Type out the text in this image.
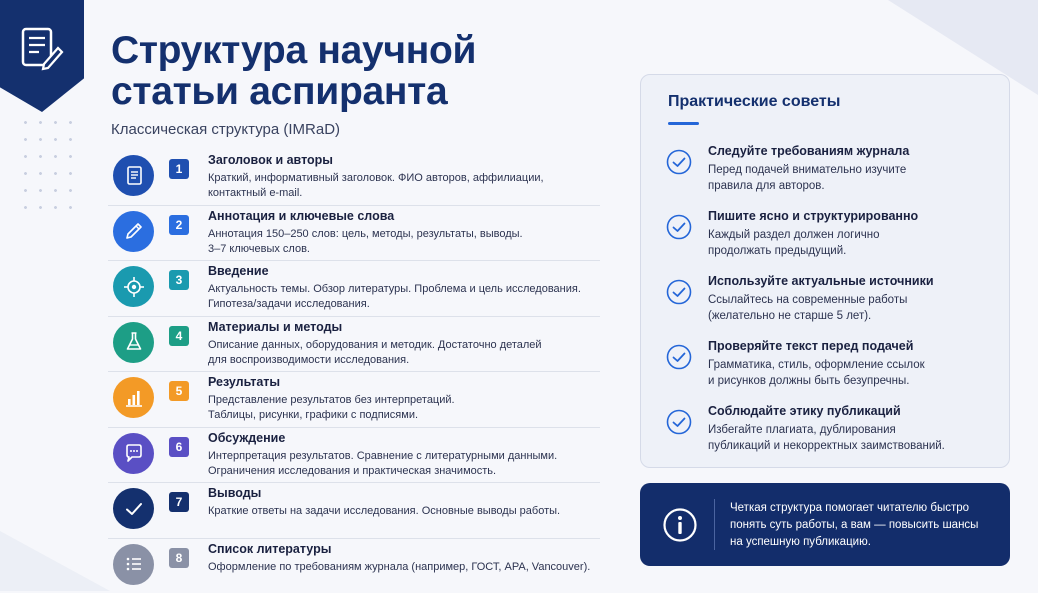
Структура научной
статьи аспиранта
Классическая структура (IMRaD)
1
Заголовок и авторы
Краткий, информативный заголовок. ФИО авторов, аффилиации,
контактный e-mail.
2
Аннотация и ключевые слова
Аннотация 150–250 слов: цель, методы, результаты, выводы.
3–7 ключевых слов.
3
Введение
Актуальность темы. Обзор литературы. Проблема и цель исследования.
Гипотеза/задачи исследования.
4
Материалы и методы
Описание данных, оборудования и методик. Достаточно деталей
для воспроизводимости исследования.
5
Результаты
Представление результатов без интерпретаций.
Таблицы, рисунки, графики с подписями.
6
Обсуждение
Интерпретация результатов. Сравнение с литературными данными.
Ограничения исследования и практическая значимость.
7
Выводы
Краткие ответы на задачи исследования. Основные выводы работы.
8
Список литературы
Оформление по требованиям журнала (например, ГОСТ, APA, Vancouver).
Практические советы
Следуйте требованиям журнала
Перед подачей внимательно изучите
правила для авторов.
Пишите ясно и структурированно
Каждый раздел должен логично
продолжать предыдущий.
Используйте актуальные источники
Ссылайтесь на современные работы
(желательно не старше 5 лет).
Проверяйте текст перед подачей
Грамматика, стиль, оформление ссылок
и рисунков должны быть безупречны.
Соблюдайте этику публикаций
Избегайте плагиата, дублирования
публикаций и некорректных заимствований.
Четкая структура помогает читателю быстро
понять суть работы, а вам — повысить шансы
на успешную публикацию.
